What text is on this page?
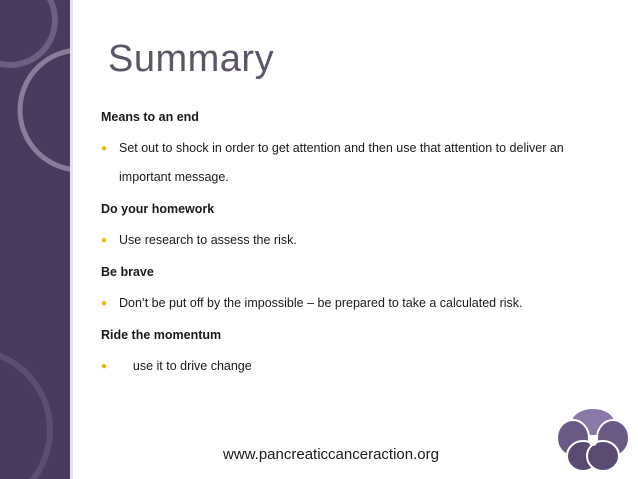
Summary

Means to an end

● Set out to shock in order to get attention and then use that attention to deliver an
important message.

Do your homework

● Use research to assess the risk.

Be brave

● Don’t be put off by the impossible – be prepared to take a calculated risk.

Ride the momentum

● use it to drive change
www.pancreaticcanceraction.org
